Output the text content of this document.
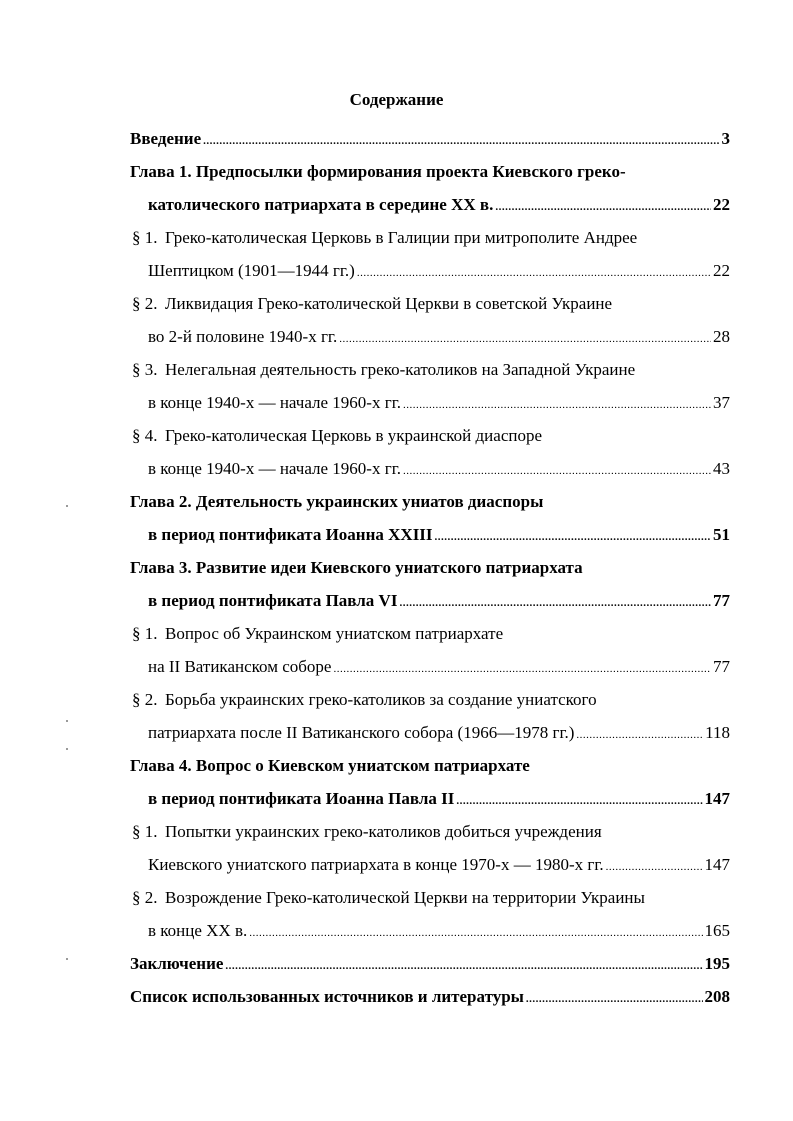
Содержание
Введение .....	3
Глава 1. Предпосылки формирования проекта Киевского греко-
католического патриархата в середине XX в. .....	22
§ 1. Греко-католическая Церковь в Галиции при митрополите Андрее
Шептицком (1901—1944 гг.) .....	22
§ 2. Ликвидация Греко-католической Церкви в советской Украине
во 2-й половине 1940-х гг. .....	28
§ 3. Нелегальная деятельность греко-католиков на Западной Украине
в конце 1940-х — начале 1960-х гг. .....	37
§ 4. Греко-католическая Церковь в украинской диаспоре
в конце 1940-х — начале 1960-х гг. .....	43
Глава 2. Деятельность украинских униатов диаспоры
в период понтификата Иоанна XXIII .....	51
Глава 3. Развитие идеи Киевского униатского патриархата
в период понтификата Павла VI .....	77
§ 1. Вопрос об Украинском униатском патриархате
на II Ватиканском соборе .....	77
§ 2. Борьба украинских греко-католиков за создание униатского
патриархата после II Ватиканского собора (1966—1978 гг.) .....	118
Глава 4. Вопрос о Киевском униатском патриархате
в период понтификата Иоанна Павла II .....	147
§ 1. Попытки украинских греко-католиков добиться учреждения
Киевского униатского патриархата в конце 1970-х — 1980-х гг. .....	147
§ 2. Возрождение Греко-католической Церкви на территории Украины
в конце XX в. .....	165
Заключение .....	195
Список использованных источников и литературы .....	208
